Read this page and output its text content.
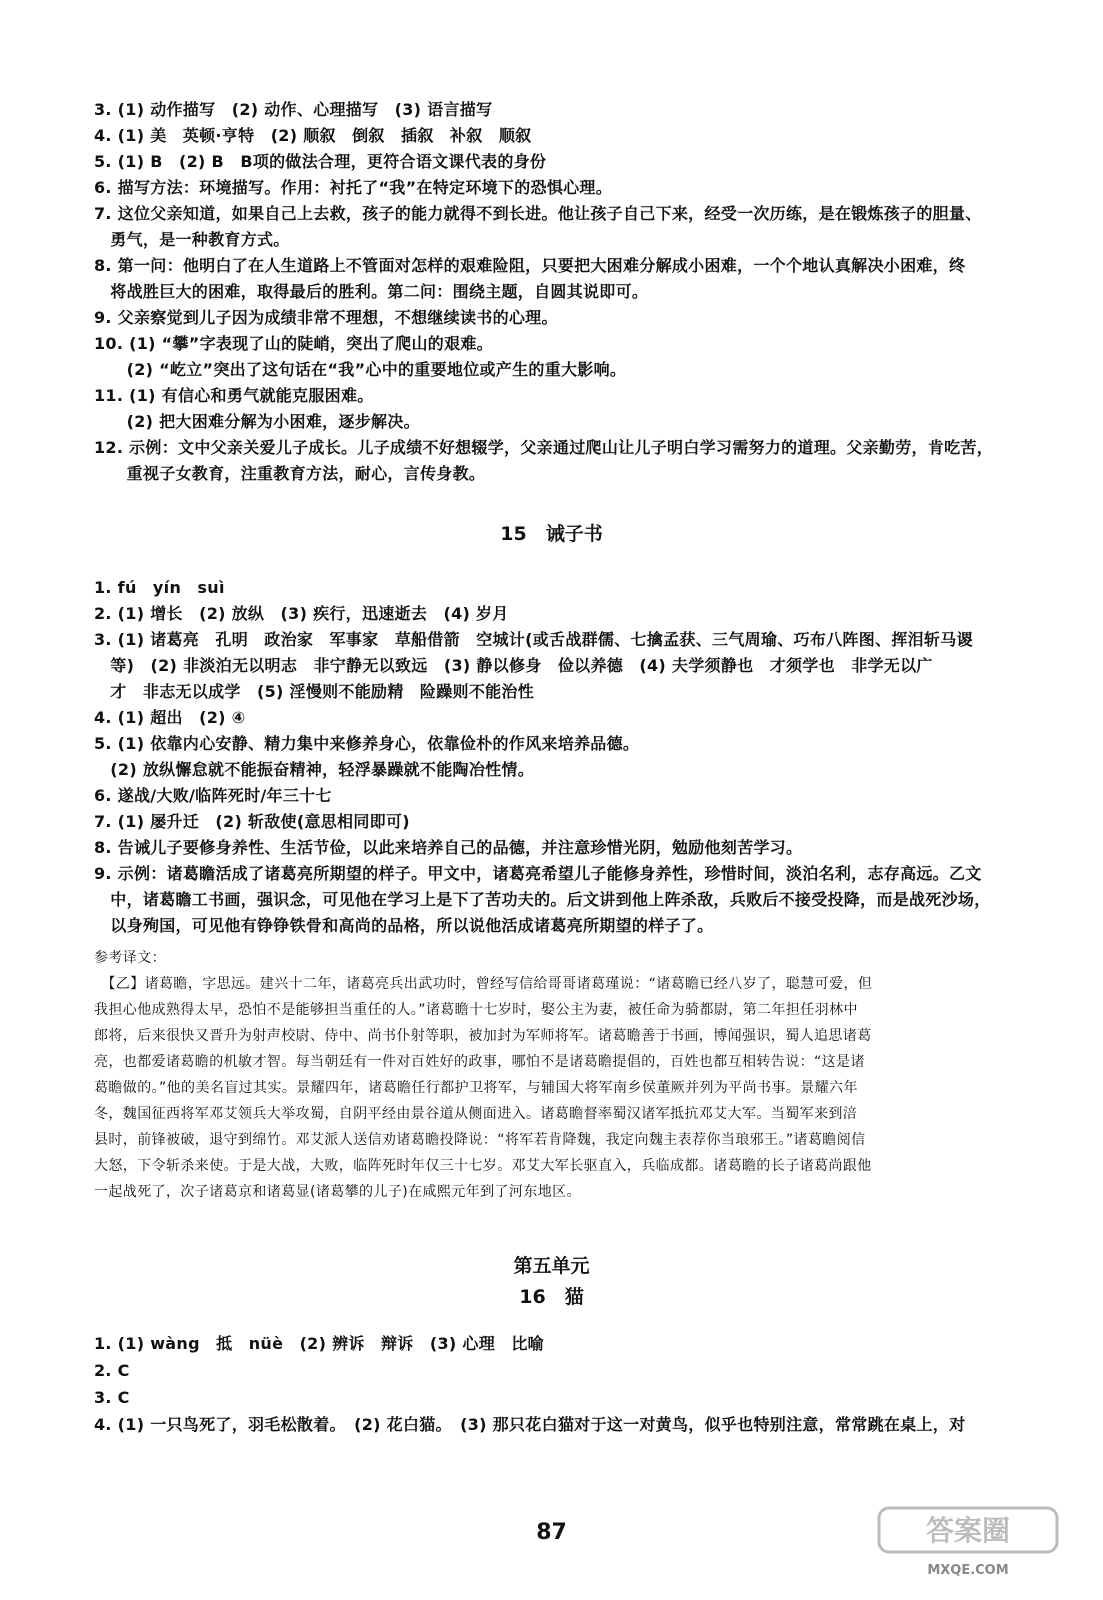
3. (1) 动作描写　(2) 动作、心理描写　(3) 语言描写
4. (1) 美　英顿·亨特　(2) 顺叙　倒叙　插叙　补叙　顺叙
5. (1) B　(2) B　B项的做法合理，更符合语文课代表的身份
6. 描写方法：环境描写。作用：衬托了“我”在特定环境下的恐惧心理。
7. 这位父亲知道，如果自己上去救，孩子的能力就得不到长进。他让孩子自己下来，经受一次历练，是在锻炼孩子的胆量、
　勇气，是一种教育方式。
8. 第一问：他明白了在人生道路上不管面对怎样的艰难险阻，只要把大困难分解成小困难，一个个地认真解决小困难，终
　将战胜巨大的困难，取得最后的胜利。第二问：围绕主题，自圆其说即可。
9. 父亲察觉到儿子因为成绩非常不理想，不想继续读书的心理。
10. (1) “攀”字表现了山的陡峭，突出了爬山的艰难。
　　(2) “屹立”突出了这句话在“我”心中的重要地位或产生的重大影响。
11. (1) 有信心和勇气就能克服困难。
　　(2) 把大困难分解为小困难，逐步解决。
12. 示例：文中父亲关爱儿子成长。儿子成绩不好想辍学，父亲通过爬山让儿子明白学习需努力的道理。父亲勤劳，肯吃苦，
　　重视子女教育，注重教育方法，耐心，言传身教。
15　诫子书
1. fú　yín　suì
2. (1) 增长　(2) 放纵　(3) 疾行，迅速逝去　(4) 岁月
3. (1) 诸葛亮　孔明　政治家　军事家　草船借箭　空城计(或舌战群儒、七擒孟获、三气周瑜、巧布八阵图、挥泪斩马谡
　等)　(2) 非淡泊无以明志　非宁静无以致远　(3) 静以修身　俭以养德　(4) 夫学须静也　才须学也　非学无以广
　才　非志无以成学　(5) 淫慢则不能励精　险躁则不能治性
4. (1) 超出　(2) ④
5. (1) 依靠内心安静、精力集中来修养身心，依靠俭朴的作风来培养品德。
　(2) 放纵懈怠就不能振奋精神，轻浮暴躁就不能陶冶性情。
6. 遂战/大败/临阵死时/年三十七
7. (1) 屡升迁　(2) 斩敌使(意思相同即可)
8. 告诫儿子要修身养性、生活节俭，以此来培养自己的品德，并注意珍惜光阴，勉励他刻苦学习。
9. 示例：诸葛瞻活成了诸葛亮所期望的样子。甲文中，诸葛亮希望儿子能修身养性，珍惜时间，淡泊名利，志存高远。乙文
　中，诸葛瞻工书画，强识念，可见他在学习上是下了苦功夫的。后文讲到他上阵杀敌，兵败后不接受投降，而是战死沙场，
　以身殉国，可见他有铮铮铁骨和高尚的品格，所以说他活成诸葛亮所期望的样子了。
参考译文：
　【乙】诸葛瞻，字思远。建兴十二年，诸葛亮兵出武功时，曾经写信给哥哥诸葛瑾说：“诸葛瞻已经八岁了，聪慧可爱，但
我担心他成熟得太早，恐怕不是能够担当重任的人。”诸葛瞻十七岁时，娶公主为妻，被任命为骑都尉，第二年担任羽林中
郎将，后来很快又晋升为射声校尉、侍中、尚书仆射等职，被加封为军师将军。诸葛瞻善于书画，博闻强识，蜀人追思诸葛
亮，也都爱诸葛瞻的机敏才智。每当朝廷有一件对百姓好的政事，哪怕不是诸葛瞻提倡的，百姓也都互相转告说：“这是诸
葛瞻做的。”他的美名盲过其实。景耀四年，诸葛瞻任行都护卫将军，与辅国大将军南乡侯董厥并列为平尚书事。景耀六年
冬，魏国征西将军邓艾领兵大举攻蜀，自阴平经由景谷道从侧面进入。诸葛瞻督率蜀汉诸军抵抗邓艾大军。当蜀军来到涪
县时，前锋被破，退守到绵竹。邓艾派人送信劝诸葛瞻投降说：“将军若肯降魏，我定向魏主表荐你当琅邪王。”诸葛瞻阅信
大怒，下令斩杀来使。于是大战，大败，临阵死时年仅三十七岁。邓艾大军长驱直入，兵临成都。诸葛瞻的长子诸葛尚跟他
一起战死了，次子诸葛京和诸葛显(诸葛攀的儿子)在咸熙元年到了河东地区。
第五单元
16　猫
1. (1) wàng　抵　nüè　(2) 辨诉　辩诉　(3) 心理　比喻
2. C
3. C
4. (1) 一只鸟死了，羽毛松散着。　(2) 花白猫。　(3) 那只花白猫对于这一对黄鸟，似乎也特别注意，常常跳在桌上，对
87	答案圈
MXQE.COM
